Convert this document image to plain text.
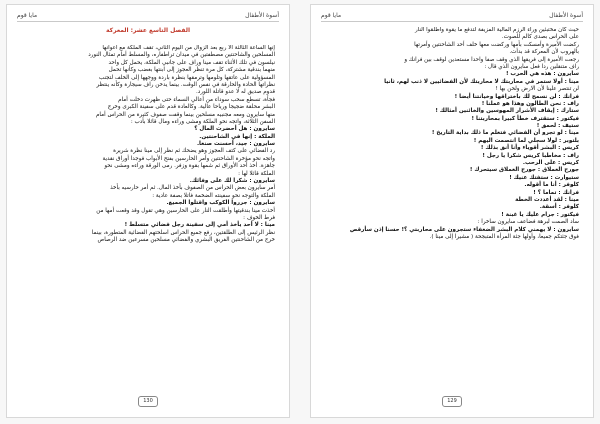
أسوة الأطفال
مايا قوم
الفصل التاسع عشر: المعركة
إنها الساعة الثالثة الا ربع بعد الزوال من اليوم الثاني، تقف الملكة مع أعوانها
المسلحين والشاحنتين مصطفتين في ميدان تراطفاره، والمسلط أمام تمثال النورد
نيلسون في تلك الأثناء تقف مينا وراف على جانبي الملكة، يحمل كل واحد
منهما بندقية مشتركة، كل مرة تنظر العجوز إلى ابنتها بغضب وكأنها تحمل
المسؤولية على عاتقها وتلومها وترمقها بنظرة باردة ووجهها إلى الخلف لتجنب
نظراتها الحادة والحارقة في نفس الوقت. بينما يدخن راف سيجارة وكأنه ينتظر
قدوم صديق له لا عدو قاتلة اللورد.
فجأة، تسطع سحب سوداء من أعالي السماء حتى ظهرت دخلت أمام
البشر محلقة ضجيجا ورياحا عالية. وكالعادة قدم على سفينة الكبرى وخرج
منها سايرون ومعه مجنبيه مسلحين بينما وقفت صفوف كثيرة من الحراس أمام
السفن الثلاثة، واتجه نحو الملكة ومشى وراءه ومال قائلا بأدب :
سايرون : هل أحضرت المال ؟
الملكة : إنها في الشاحنتين.
سايرون : جيد، أحسنت صنعا.
رد الفضائي على كتف العجوز وهو يضحك ثم نظر إلى مينا نظرة شريرة
واتجه نحو مؤخرة الشاحنتين وأمر الحارسين بفتح الأبواب فوجدا أوراق نقدية
جاهزة. أخذ أحد الأوراق ثم شمها بقوة وزفر. رمى الورقة وراءه ومشى نحو
الملكة قائلا لها :
سايرون : شكرا لك على وفائك.
أمر سايرون بعض الحراس من الصفوف بأخذ المال. ثم أمر حارسيه بأخذ
الملكة والتوجه نحو سفينته الضخمة فاتلا بصفة عادية :
سايرون : جرروا الكوكب واقتلوا الجميع.
أخذت مينا بندقيتها وأطلقت النار على الحارسين وهي تقول وقد وقعت أمها من
فرط الخوف :
مينا : لا أحد يأخذ أمي إلى سفينة رجل فضائي متسلط !
نظر الرئيس إلى الطلقتين، رفع جميع الحراس اسلحتهم الفضائية المتطورة، بينما
خرج من الشاحنتين الفريق البشري والفضائي مسلحين مسرعين ضد الرصاص
130
أسوة الأطفال
مايا قوم
حيث كان مختبئين وراء الرزم المالية المزيفة لتدفع ما يقوة وأطلقوا النار
على الحراس بصدى كالم للصوت.
ركضت الأميرة وأمسكت بأمها وركضت معها خلف أحد الشاحنتين وأمرتها
بالهروب لأن المعركة قد بدأت.
رجعت الأميرة إلى فريقها الذي وقف صفا واحدا مستعدين لوقف بين فرانك و
راف متنقلين ردا فعل سايرون الذي قال :
سايرون : هذه هي الحرب !
مينا : أولا ستمر في محاربتك لا محاربتك لأن الفضائيين لا ذنب لهم، ثانيا
لن تنتصر علينا لأن الارض ولحن بها !
فرانك : لن نسمح لك باختراقها وخيانتنا أيضا !
راف : نحن الطالون وهذا هو عملنا !
ستارك : إيقاف الأشرار المهوسين والخائنين أمثالك !
فيكتور : ستقترف خطأ كبيرا بمحاربتنا !
ستيف : لحمق !
مينا : لو تجرو أن الفضائي فتعلم ما ذلك بداية التاريخ !
بلتوبر : لولا سجلي لما انتصمت اليهم !
كريس : البشر أقوياء وأنا أنق بذلك !
راف : مخاطبا كريس شكرا يا رجل !
كريس : على الرحب.
جورج العملاق : جورج العملاق سيتحرك !
ستيوارت : ستفتك عنيك !
كلوفر : أنا ما أقوله.
فرانك : تماما ؟ !
مينا : لقد أعددت الخطة
كلوفر : أسقة.
فيكتور : جرام عليك يا غبنة !
ساد الصمت لبرهة فضاعف سايرون ساخرا :
سايرون : لا يهمني كلام البشر الضعفاء ستجرون على محاربتي ؟! حسنا إذن سأرقص
فوق جثتكم جميعا، وأولها جثة المرأة المتبجحة ( مشيرا إلى مينا ).
129
